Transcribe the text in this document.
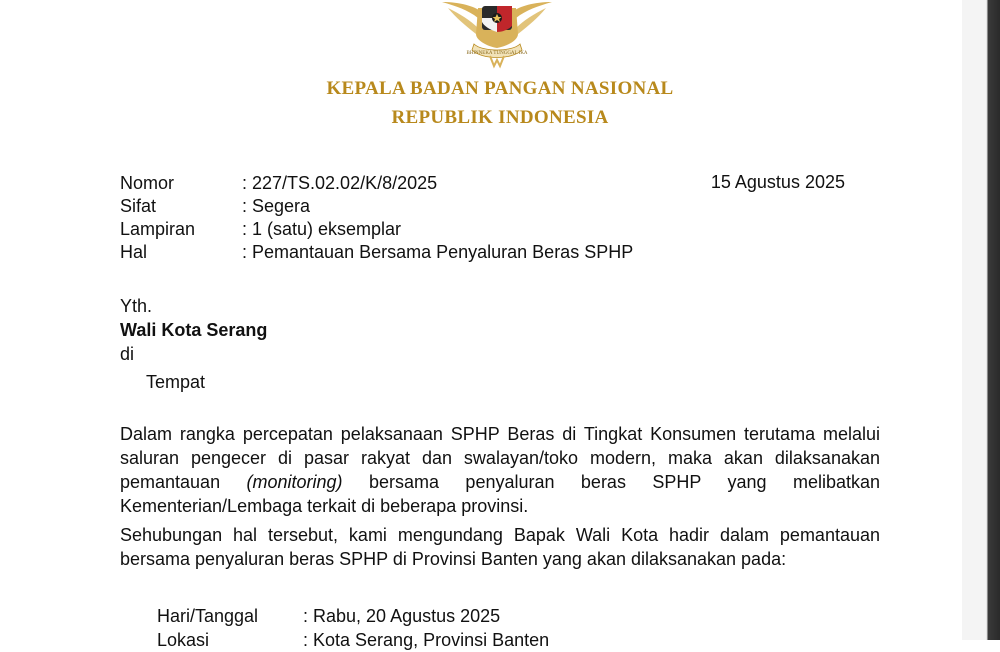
BHINNEKA TUNGGAL IKA
KEPALA BADAN PANGAN NASIONAL
REPUBLIK INDONESIA
Nomor	: 227/TS.02.02/K/8/2025
Sifat	: Segera
Lampiran	: 1 (satu) eksemplar
Hal	: Pemantauan Bersama Penyaluran Beras SPHP
15 Agustus 2025
Yth.
Wali Kota Serang
di
Tempat
Dalam rangka percepatan pelaksanaan SPHP Beras di Tingkat Konsumen terutama melalui saluran pengecer di pasar rakyat dan swalayan/toko modern, maka akan dilaksanakan pemantauan (monitoring) bersama penyaluran beras SPHP yang melibatkan Kementerian/Lembaga terkait di beberapa provinsi.
Sehubungan hal tersebut, kami mengundang Bapak Wali Kota hadir dalam pemantauan bersama penyaluran beras SPHP di Provinsi Banten yang akan dilaksanakan pada:
Hari/Tanggal	: Rabu, 20 Agustus 2025
Lokasi	: Kota Serang, Provinsi Banten
